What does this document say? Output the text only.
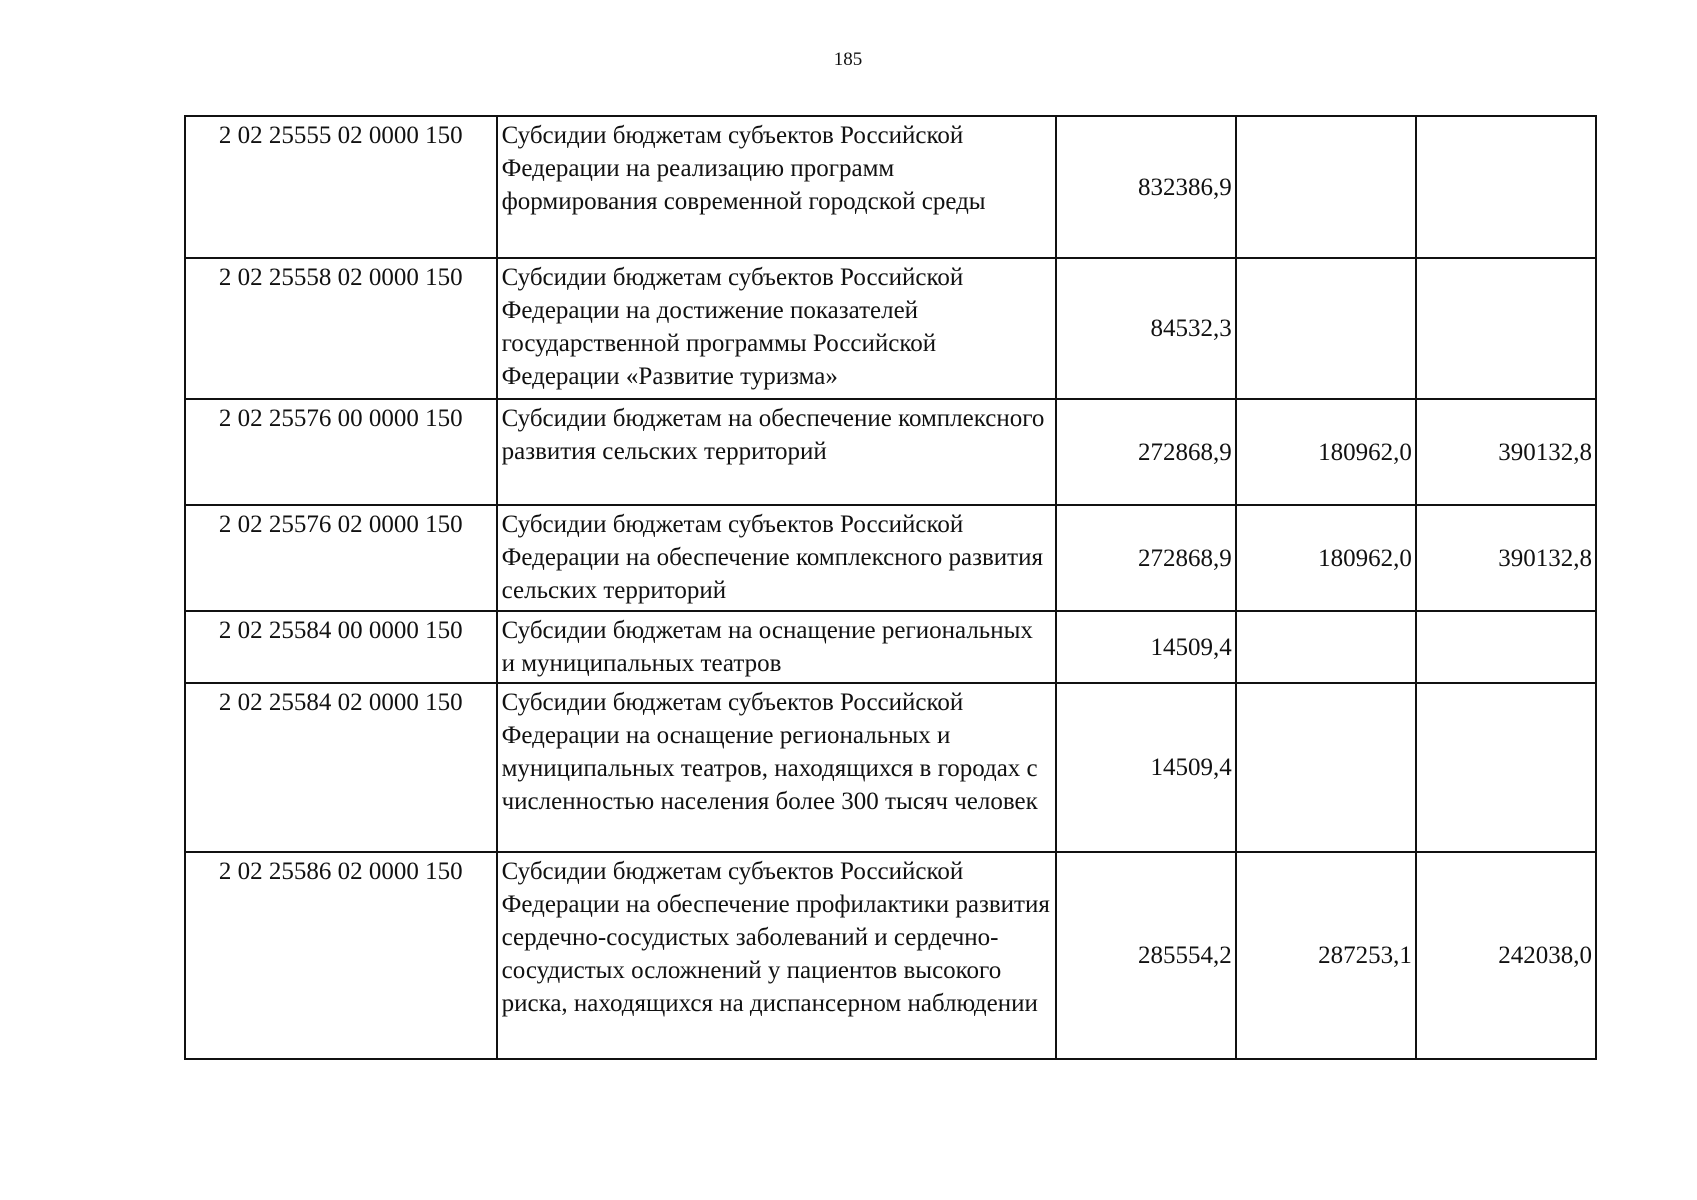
185
2 02 25555 02 0000 150	Субсидии бюджетам субъектов Российской Федерации на реализацию программ формирования современной городской среды	832386,9		
2 02 25558 02 0000 150	Субсидии бюджетам субъектов Российской Федерации на достижение показателей государственной программы Российской Федерации «Развитие туризма»	84532,3		
2 02 25576 00 0000 150	Субсидии бюджетам на обеспечение комплексного развития сельских территорий	272868,9	180962,0	390132,8
2 02 25576 02 0000 150	Субсидии бюджетам субъектов Российской Федерации на обеспечение комплексного развития сельских территорий	272868,9	180962,0	390132,8
2 02 25584 00 0000 150	Субсидии бюджетам на оснащение региональных и муниципальных театров	14509,4		
2 02 25584 02 0000 150	Субсидии бюджетам субъектов Российской Федерации на оснащение региональных и муниципальных театров, находящихся в городах с численностью населения более 300 тысяч человек	14509,4		
2 02 25586 02 0000 150	Субсидии бюджетам субъектов Российской Федерации на обеспечение профилактики развития сердечно-сосудистых заболеваний и сердечно-сосудистых осложнений у пациентов высокого риска, находящихся на диспансерном наблюдении	285554,2	287253,1	242038,0
